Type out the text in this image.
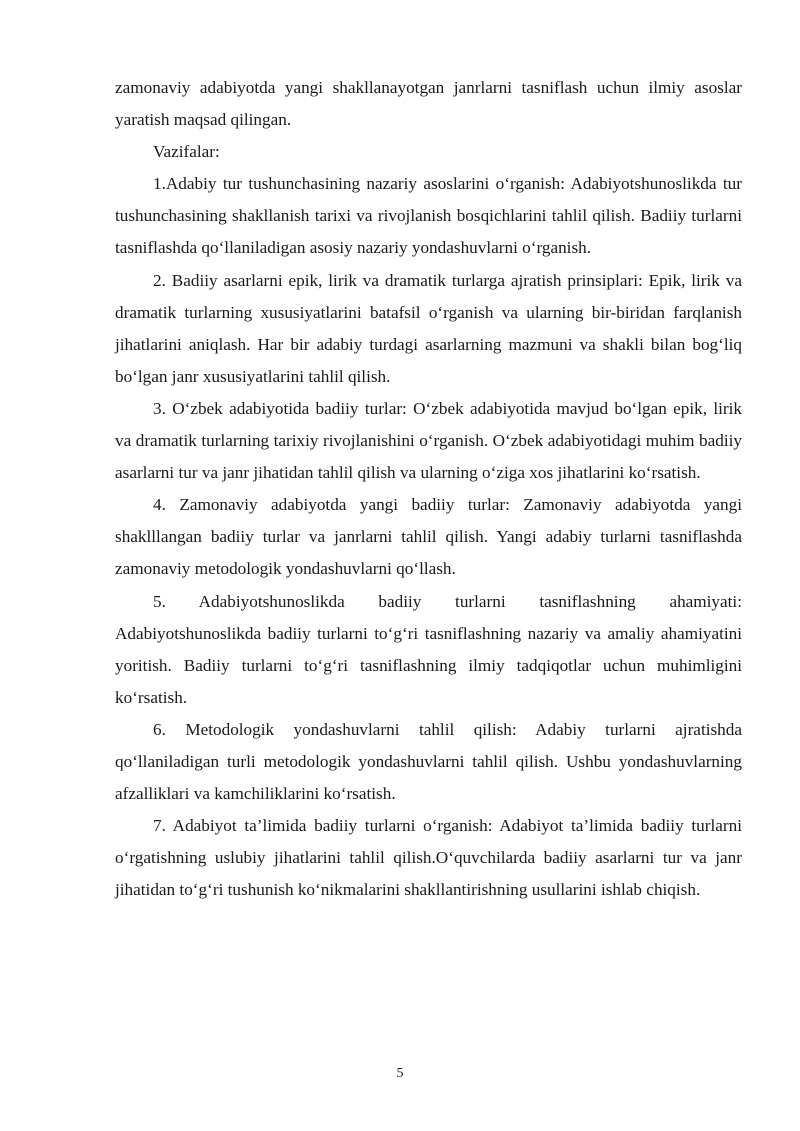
zamonaviy adabiyotda yangi shakllanayotgan janrlarni tasniflash uchun ilmiy asoslar yaratish maqsad qilingan.

Vazifalar:

1.Adabiy tur tushunchasining nazariy asoslarini o‘rganish: Adabiyotshunoslikda tur tushunchasining shakllanish tarixi va rivojlanish bosqichlarini tahlil qilish. Badiiy turlarni tasniflashda qo‘llaniladigan asosiy nazariy yondashuvlarni o‘rganish.

2. Badiiy asarlarni epik, lirik va dramatik turlarga ajratish prinsiplari: Epik, lirik va dramatik turlarning xususiyatlarini batafsil o‘rganish va ularning bir-biridan farqlanish jihatlarini aniqlash. Har bir adabiy turdagi asarlarning mazmuni va shakli bilan bog‘liq bo‘lgan janr xususiyatlarini tahlil qilish.

3. O‘zbek adabiyotida badiiy turlar: O‘zbek adabiyotida mavjud bo‘lgan epik, lirik va dramatik turlarning tarixiy rivojlanishini o‘rganish. O‘zbek adabiyotidagi muhim badiiy asarlarni tur va janr jihatidan tahlil qilish va ularning o‘ziga xos jihatlarini ko‘rsatish.

4. Zamonaviy adabiyotda yangi badiiy turlar: Zamonaviy adabiyotda yangi shaklllangan badiiy turlar va janrlarni tahlil qilish. Yangi adabiy turlarni tasniflashda zamonaviy metodologik yondashuvlarni qo‘llash.

5. Adabiyotshunoslikda badiiy turlarni tasniflashning ahamiyati: Adabiyotshunoslikda badiiy turlarni to‘g‘ri tasniflashning nazariy va amaliy ahamiyatini yoritish. Badiiy turlarni to‘g‘ri tasniflashning ilmiy tadqiqotlar uchun muhimligini ko‘rsatish.

6. Metodologik yondashuvlarni tahlil qilish: Adabiy turlarni ajratishda qo‘llaniladigan turli metodologik yondashuvlarni tahlil qilish. Ushbu yondashuvlarning afzalliklari va kamchiliklarini ko‘rsatish.

7. Adabiyot ta’limida badiiy turlarni o‘rganish: Adabiyot ta’limida badiiy turlarni o‘rgatishning uslubiy jihatlarini tahlil qilish.O‘quvchilarda badiiy asarlarni tur va janr jihatidan to‘g‘ri tushunish ko‘nikmalarini shakllantirishning usullarini ishlab chiqish.

5
